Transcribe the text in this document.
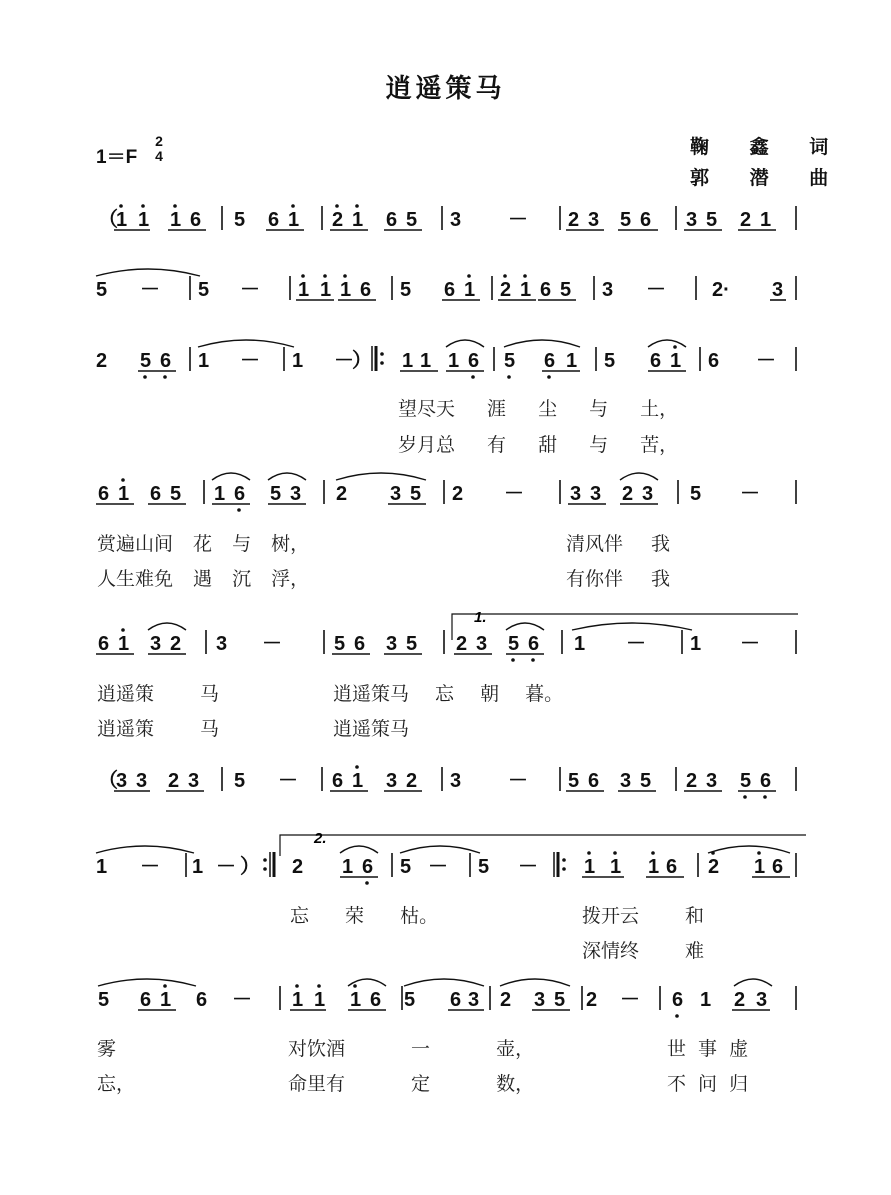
逍遥策马
1＝F
2
4	鞠 鑫 词
郭 潜 曲
（
1 1 1 6 5 6 1 2 1 6 5 3 － 2 3 5 6 3 5 2 1
5 － 5 － 1 1 1 6 5 6 1 2 1 6 5 3 － 2· 3
2 5 6 1 － 1 －
） 1 1 1 6 5 6 1 5 6 1 6 －
6 1 6 5 1 6 5 3 2 3 5 2 － 3 3 2 3 5 －
6 1 3 2 3 －	5 6 3 5 2 3 5 6 1 － 1 －
（
3 3 2 3 5 － 6 1 3 2 3 － 5 6 3 5 2 3 5 6
1 － 1 － ） 2 1 6 5 － 5 － 1 1 1 6 2 1 6
5 6 1 6 － 1 1 1 6 5 6 3 2 3 5 2 － 6 1 2 3
1.
2.
望尽天 涯 尘 与 土，
岁月总 有 甜 与 苦，
赏遍山间 花 与 树，	清风伴 我
人生难免 遇 沉 浮，	有你伴 我
逍遥策 马	逍遥策马 忘 朝 暮。
逍遥策 马	逍遥策马
忘 荣 枯。	拨开云 和
深情终 难
雾	对饮酒 一 壶，	世 事 虚
忘，	命里有 定 数，	不 问 归
